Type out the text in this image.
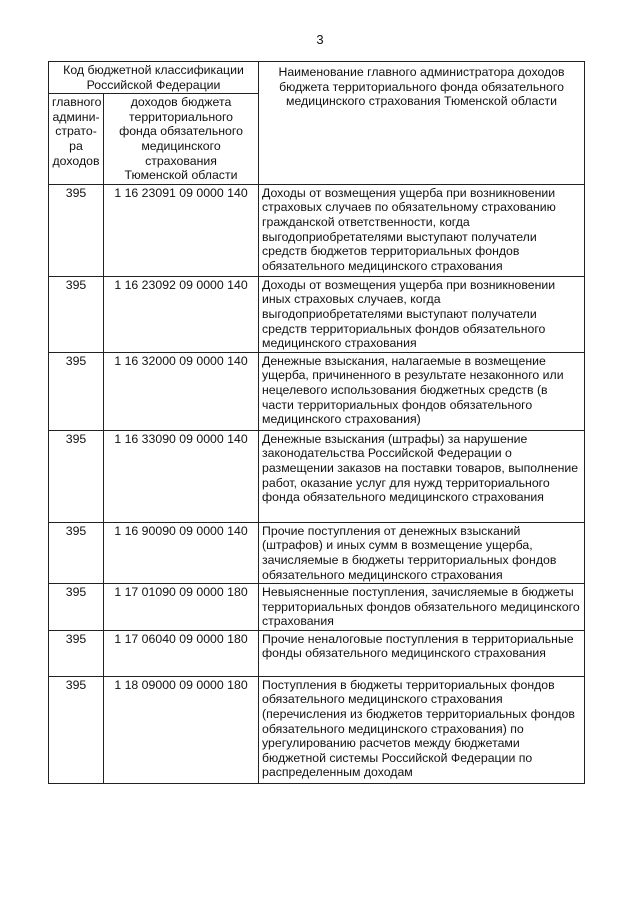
3
Код бюджетной классификации Российской Федерации		Наименование главного администратора доходов бюджета территориального фонда обязательного медицинского страхования Тюменской области
главного админи-страто-ра доходов	доходов бюджета территориального фонда обязательного медицинского страхования Тюменской области	
395	1 16 23091 09 0000 140	Доходы от возмещения ущерба при возникновении страховых случаев по обязательному страхованию гражданской ответственности, когда выгодоприобретателями выступают получатели средств бюджетов территориальных фондов обязательного медицинского страхования
395	1 16 23092 09 0000 140	Доходы от возмещения ущерба при возникновении иных страховых случаев, когда выгодоприобретателями выступают получатели средств территориальных фондов обязательного медицинского страхования
395	1 16 32000 09 0000 140	Денежные взыскания, налагаемые в возмещение ущерба, причиненного в результате незаконного или нецелевого использования бюджетных средств (в части территориальных фондов обязательного медицинского страхования)
395	1 16 33090 09 0000 140	Денежные взыскания (штрафы) за нарушение законодательства Российской Федерации о размещении заказов на поставки товаров, выполнение работ, оказание услуг для нужд территориального фонда обязательного медицинского страхования
395	1 16 90090 09 0000 140	Прочие поступления от денежных взысканий (штрафов) и иных сумм в возмещение ущерба, зачисляемые в бюджеты территориальных фондов обязательного медицинского страхования
395	1 17 01090 09 0000 180	Невыясненные поступления, зачисляемые в бюджеты территориальных фондов обязательного медицинского страхования
395	1 17 06040 09 0000 180	Прочие неналоговые поступления в территориальные фонды обязательного медицинского страхования
395	1 18 09000 09 0000 180	Поступления в бюджеты территориальных фондов обязательного медицинского страхования (перечисления из бюджетов территориальных фондов обязательного медицинского страхования) по урегулированию расчетов между бюджетами бюджетной системы Российской Федерации по распределенным доходам
